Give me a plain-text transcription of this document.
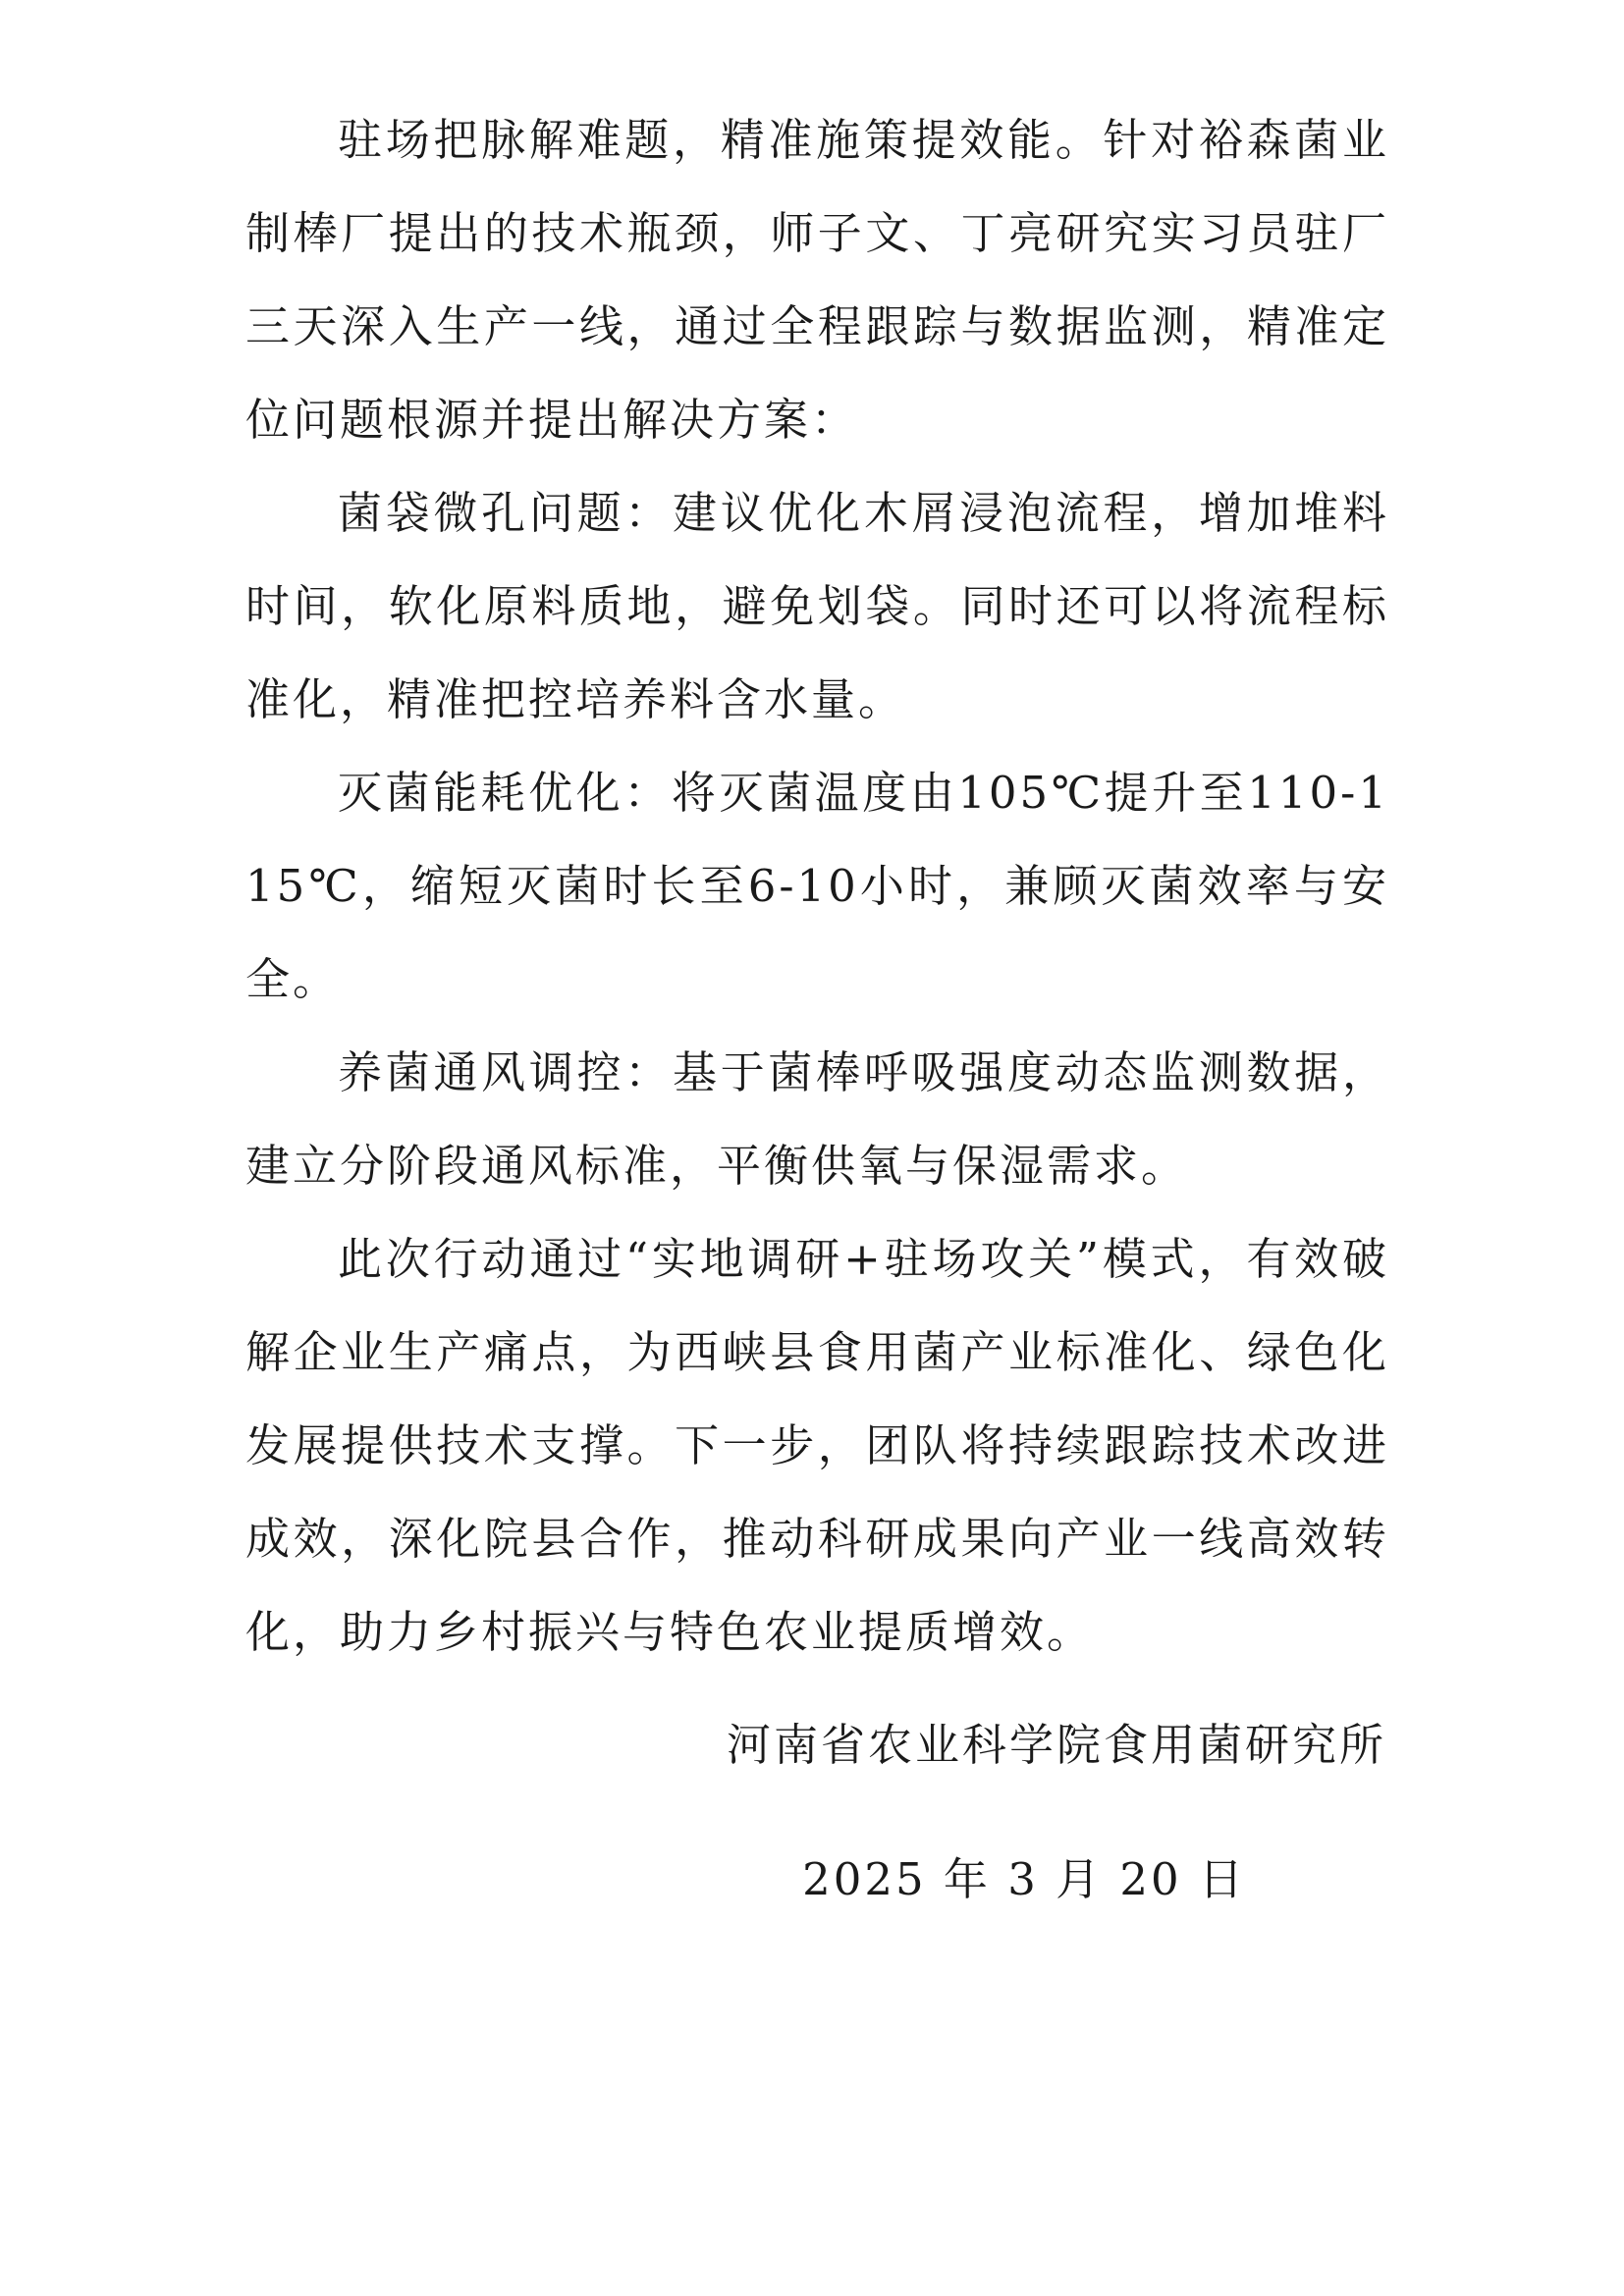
驻场把脉解难题，精准施策提效能。针对裕森菌业制棒厂提出的技术瓶颈，师子文、丁亮研究实习员驻厂三天深入生产一线，通过全程跟踪与数据监测，精准定位问题根源并提出解决方案：

菌袋微孔问题：建议优化木屑浸泡流程，增加堆料时间，软化原料质地，避免划袋。同时还可以将流程标准化，精准把控培养料含水量。

灭菌能耗优化：将灭菌温度由105℃提升至110-115℃，缩短灭菌时长至6-10小时，兼顾灭菌效率与安全。

养菌通风调控：基于菌棒呼吸强度动态监测数据，建立分阶段通风标准，平衡供氧与保湿需求。

此次行动通过“实地调研+驻场攻关”模式，有效破解企业生产痛点，为西峡县食用菌产业标准化、绿色化发展提供技术支撑。下一步，团队将持续跟踪技术改进成效，深化院县合作，推动科研成果向产业一线高效转化，助力乡村振兴与特色农业提质增效。

河南省农业科学院食用菌研究所
2025 年 3 月 20 日
